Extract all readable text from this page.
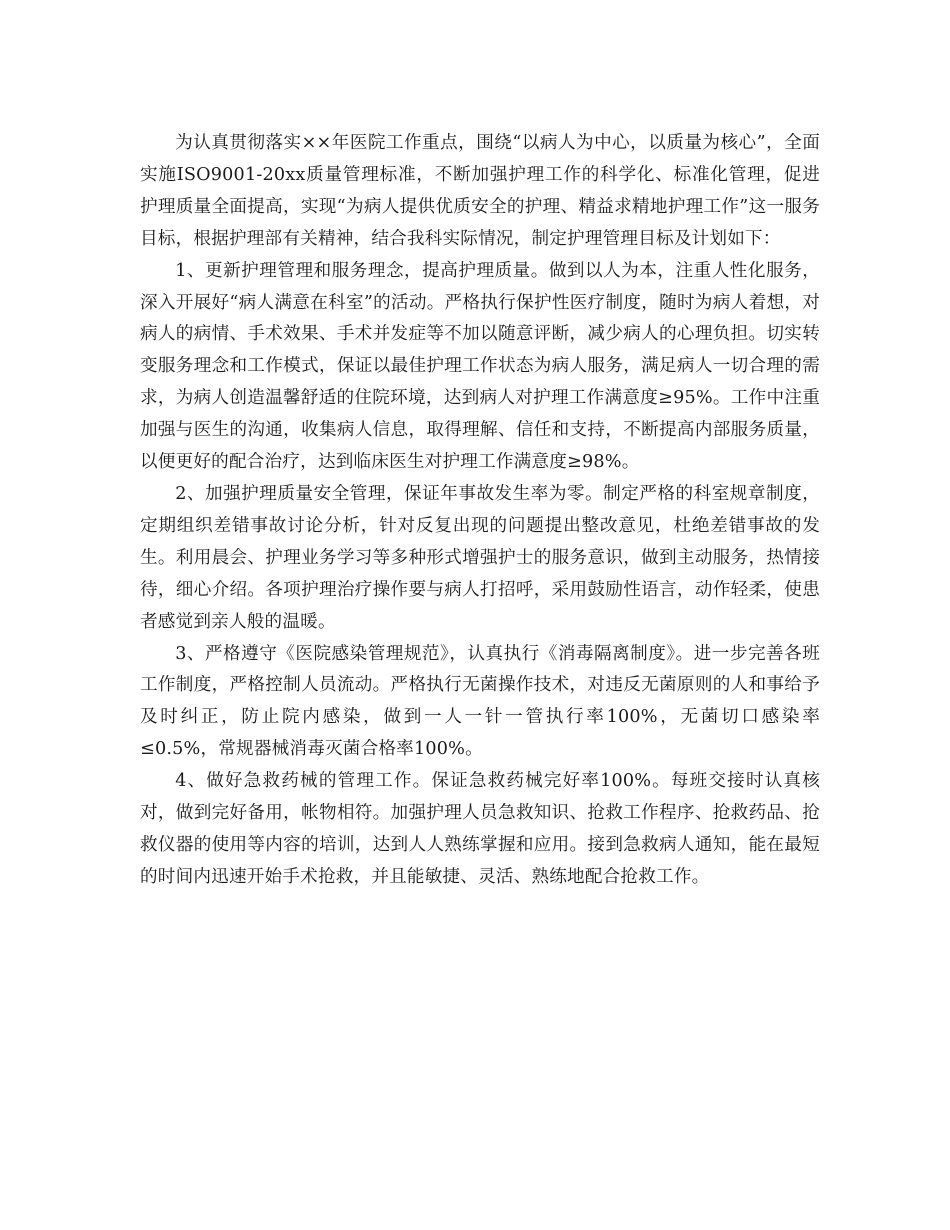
为认真贯彻落实××年医院工作重点，围绕“以病人为中心，以质量为核心”，全面实施ISO9001-20xx质量管理标准，不断加强护理工作的科学化、标准化管理，促进护理质量全面提高，实现“为病人提供优质安全的护理、精益求精地护理工作”这一服务目标，根据护理部有关精神，结合我科实际情况，制定护理管理目标及计划如下：

1、更新护理管理和服务理念，提高护理质量。做到以人为本，注重人性化服务，深入开展好“病人满意在科室”的活动。严格执行保护性医疗制度，随时为病人着想，对病人的病情、手术效果、手术并发症等不加以随意评断，减少病人的心理负担。切实转变服务理念和工作模式，保证以最佳护理工作状态为病人服务，满足病人一切合理的需求，为病人创造温馨舒适的住院环境，达到病人对护理工作满意度≥95%。工作中注重加强与医生的沟通，收集病人信息，取得理解、信任和支持，不断提高内部服务质量，以便更好的配合治疗，达到临床医生对护理工作满意度≥98%。

2、加强护理质量安全管理，保证年事故发生率为零。制定严格的科室规章制度，定期组织差错事故讨论分析，针对反复出现的问题提出整改意见，杜绝差错事故的发生。利用晨会、护理业务学习等多种形式增强护士的服务意识，做到主动服务，热情接待，细心介绍。各项护理治疗操作要与病人打招呼，采用鼓励性语言，动作轻柔，使患者感觉到亲人般的温暖。

3、严格遵守《医院感染管理规范》，认真执行《消毒隔离制度》。进一步完善各班工作制度，严格控制人员流动。严格执行无菌操作技术，对违反无菌原则的人和事给予及时纠正，防止院内感染，做到一人一针一管执行率100%，无菌切口感染率≤0.5%，常规器械消毒灭菌合格率100%。

4、做好急救药械的管理工作。保证急救药械完好率100%。每班交接时认真核对，做到完好备用，帐物相符。加强护理人员急救知识、抢救工作程序、抢救药品、抢救仪器的使用等内容的培训，达到人人熟练掌握和应用。接到急救病人通知，能在最短的时间内迅速开始手术抢救，并且能敏捷、灵活、熟练地配合抢救工作。
